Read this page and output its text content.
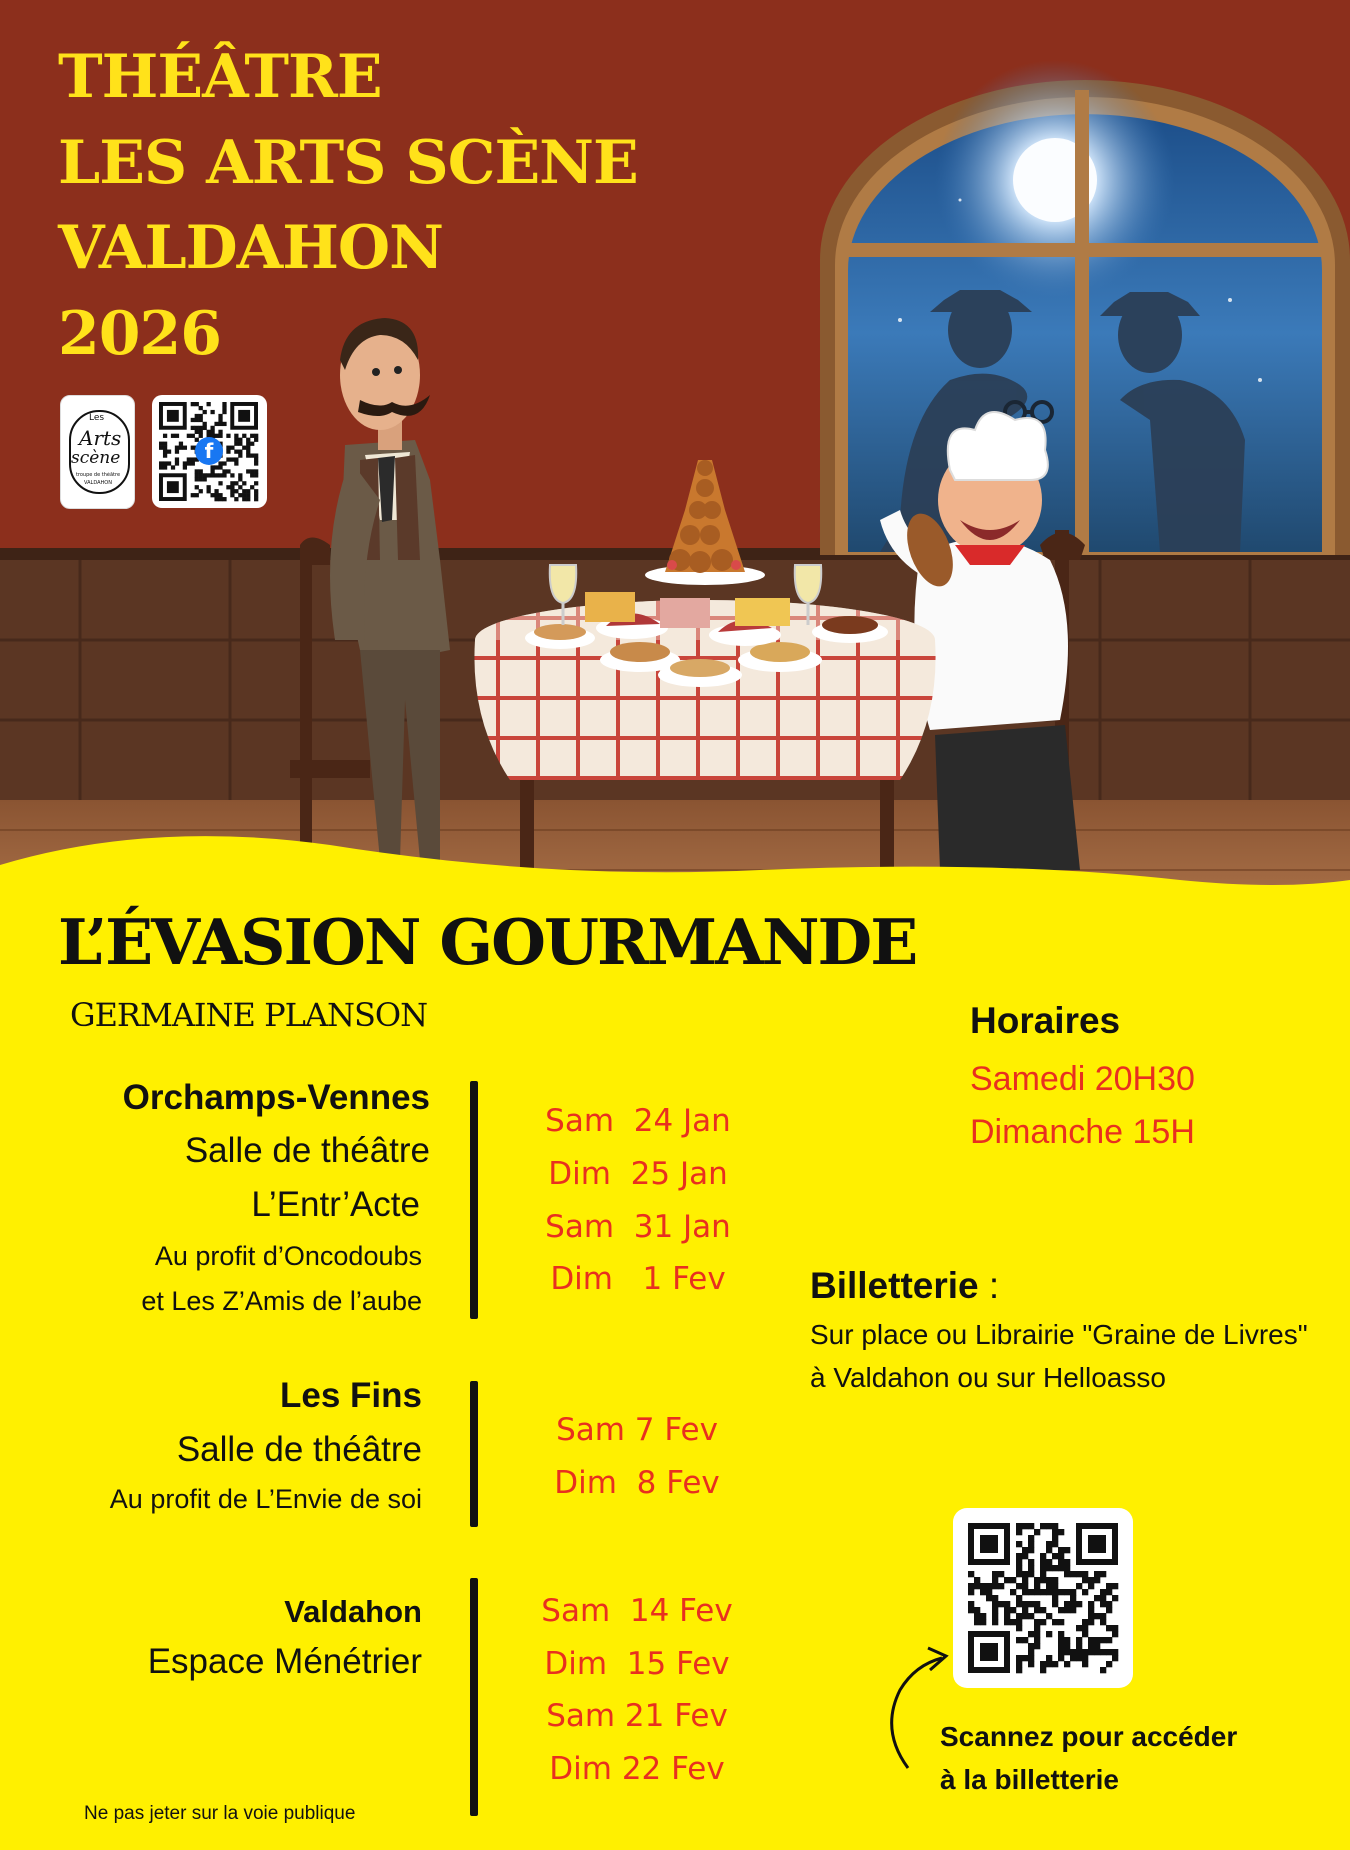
THÉÂTRE
LES ARTS SCÈNE
VALDAHON
2026
Les
Arts
scène
troupe de théâtre
VALDAHON
f
L’ÉVASION GOURMANDE
GERMAINE PLANSON
Orchamps-Vennes
Salle de théâtre
L’Entr’Acte
Au profit d’Oncodoubs
et Les Z’Amis de l’aube
Sam  24 Jan
Dim  25 Jan
Sam  31 Jan
Dim   1 Fev
Les Fins
Salle de théâtre
Au profit de L’Envie de soi
Sam 7 Fev
Dim  8 Fev
Valdahon
Espace Ménétrier
Sam  14 Fev
Dim  15 Fev
Sam 21 Fev
Dim 22 Fev
Horaires
Samedi 20H30
Dimanche 15H
Billetterie :
Sur place ou Librairie "Graine de Livres" à Valdahon ou sur Helloasso
Scannez pour accéder
à la billetterie
Ne pas jeter sur la voie publique
